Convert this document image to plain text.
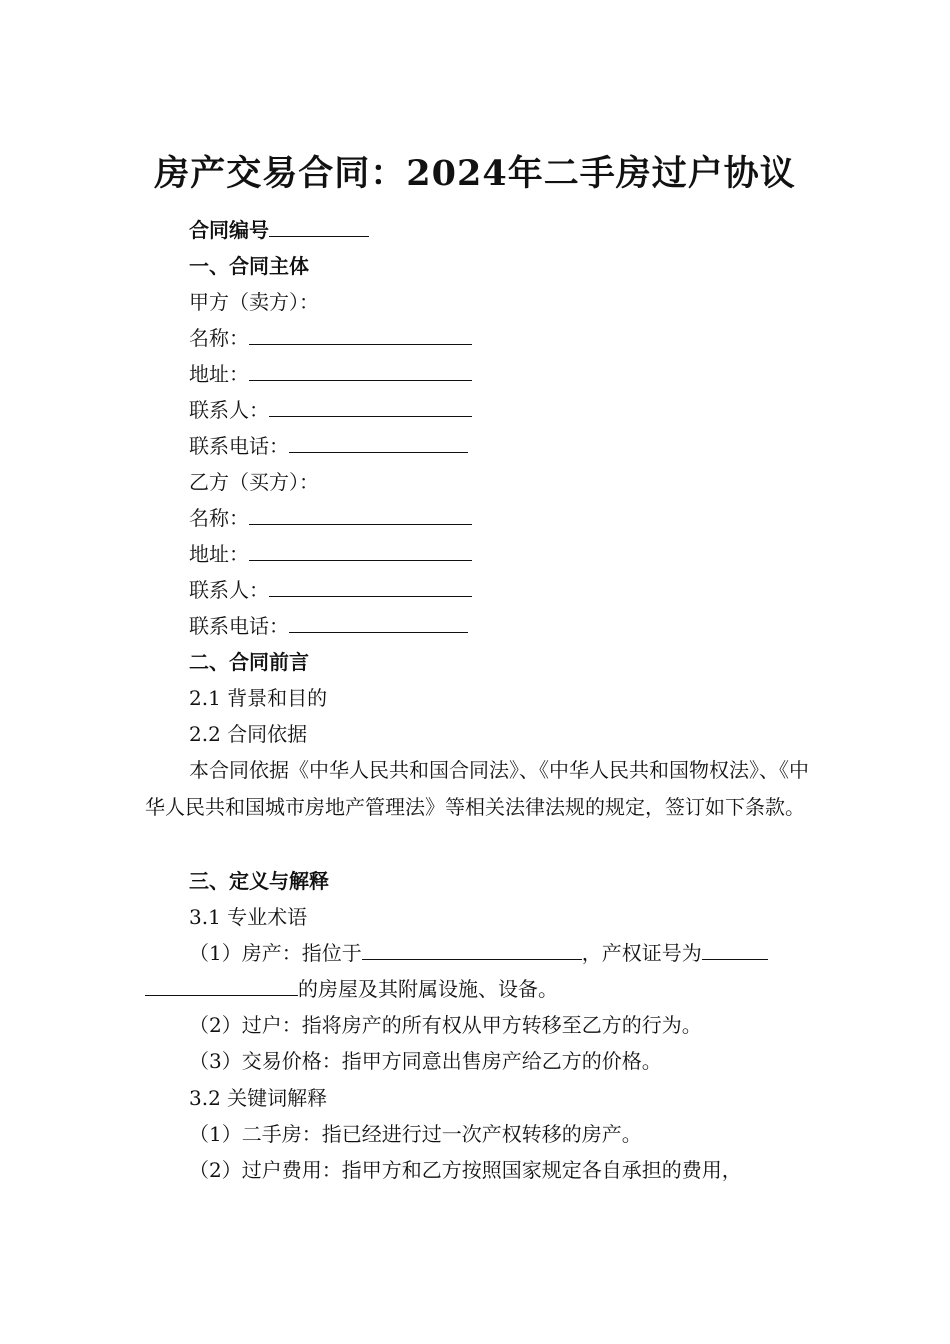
房产交易合同：2024年二手房过户协议
合同编号
一、合同主体
甲方（卖方）：
名称：
地址：
联系人：
联系电话：
乙方（买方）：
名称：
地址：
联系人：
联系电话：
二、合同前言
2.1 背景和目的
2.2 合同依据
本合同依据《中华人民共和国合同法》、《中华人民共和国物权法》、《中华人民共和国城市房地产管理法》等相关法律法规的规定，签订如下条款。
三、定义与解释
3.1 专业术语
（1）房产：指位于	，产权证号为
的房屋及其附属设施、设备。
（2）过户：指将房产的所有权从甲方转移至乙方的行为。
（3）交易价格：指甲方同意出售房产给乙方的价格。
3.2 关键词解释
（1）二手房：指已经进行过一次产权转移的房产。
（2）过户费用：指甲方和乙方按照国家规定各自承担的费用，
